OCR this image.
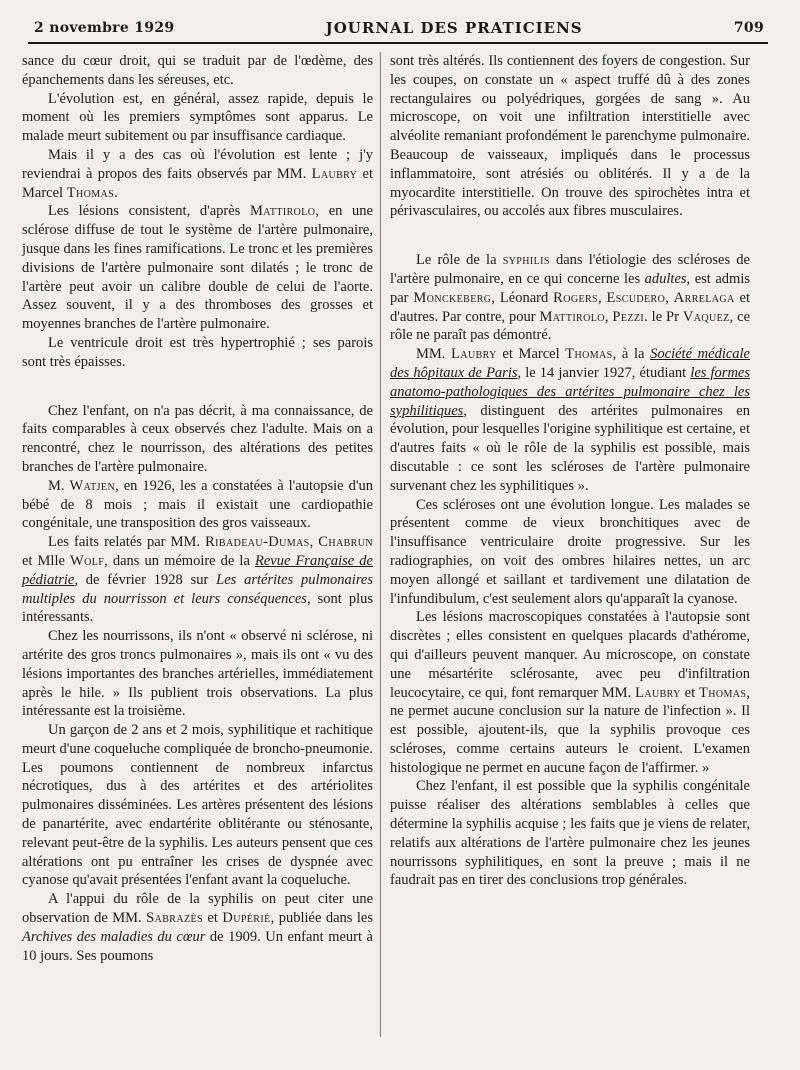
2 novembre 1929	JOURNAL DES PRATICIENS	709

sance du cœur droit, qui se traduit par de l'œdème, des épanchements dans les séreuses, etc.

L'évolution est, en général, assez rapide, depuis le moment où les premiers symptômes sont apparus. Le malade meurt subitement ou par insuffisance cardiaque.

Mais il y a des cas où l'évolution est lente ; j'y reviendrai à propos des faits observés par MM. Laubry et Marcel Thomas.

Les lésions consistent, d'après Mattirolo, en une sclérose diffuse de tout le système de l'artère pulmonaire, jusque dans les fines ramifications. Le tronc et les premières divisions de l'artère pulmonaire sont dilatés ; le tronc de l'artère peut avoir un calibre double de celui de l'aorte. Assez souvent, il y a des thromboses des grosses et moyennes branches de l'artère pulmonaire.

Le ventricule droit est très hypertrophié ; ses parois sont très épaisses.

Chez l'enfant, on n'a pas décrit, à ma connaissance, de faits comparables à ceux observés chez l'adulte. Mais on a rencontré, chez le nourrisson, des altérations des petites branches de l'artère pulmonaire.

M. Watjen, en 1926, les a constatées à l'autopsie d'un bébé de 8 mois ; mais il existait une cardiopathie congénitale, une transposition des gros vaisseaux.

Les faits relatés par MM. Ribadeau-Dumas, Chabrun et Mlle Wolf, dans un mémoire de la Revue Française de pédiatrie, de février 1928 sur Les artérites pulmonaires multiples du nourrisson et leurs conséquences, sont plus intéressants.

Chez les nourrissons, ils n'ont « observé ni sclérose, ni artérite des gros troncs pulmonaires », mais ils ont « vu des lésions importantes des branches artérielles, immédiatement après le hile. » Ils publient trois observations. La plus intéressante est la troisième.

Un garçon de 2 ans et 2 mois, syphilitique et rachitique meurt d'une coqueluche compliquée de broncho-pneumonie. Les poumons contiennent de nombreux infarctus nécrotiques, dus à des artérites et des artériolites pulmonaires disséminées. Les artères présentent des lésions de panartérite, avec endartérite oblitérante ou sténosante, relevant peut-être de la syphilis. Les auteurs pensent que ces altérations ont pu entraîner les crises de dyspnée avec cyanose qu'avait présentées l'enfant avant la coqueluche.

A l'appui du rôle de la syphilis on peut citer une observation de MM. Sabrazès et Dupérié, publiée dans les Archives des maladies du cœur de 1909. Un enfant meurt à 10 jours. Ses poumons

sont très altérés. Ils contiennent des foyers de congestion. Sur les coupes, on constate un « aspect truffé dû à des zones rectangulaires ou polyédriques, gorgées de sang ». Au microscope, on voit une infiltration interstitielle avec alvéolite remaniant profondément le parenchyme pulmonaire. Beaucoup de vaisseaux, impliqués dans le processus inflammatoire, sont atrésiés ou oblitérés. Il y a de la myocardite interstitielle. On trouve des spirochètes intra et périvasculaires, ou accolés aux fibres musculaires.

Le rôle de la syphilis dans l'étiologie des scléroses de l'artère pulmonaire, en ce qui concerne les adultes, est admis par Monckeberg, Léonard Rogers, Escudero, Arrelaga et d'autres. Par contre, pour Mattirolo, Pezzi. le Pr Vaquez, ce rôle ne paraît pas démontré.

MM. Laubry et Marcel Thomas, à la Société médicale des hôpitaux de Paris, le 14 janvier 1927, étudiant les formes anatomo-pathologiques des artérites pulmonaire chez les syphilitiques, distinguent des artérites pulmonaires en évolution, pour lesquelles l'origine syphilitique est certaine, et d'autres faits « où le rôle de la syphilis est possible, mais discutable : ce sont les scléroses de l'artère pulmonaire survenant chez les syphilitiques ».

Ces scléroses ont une évolution longue. Les malades se présentent comme de vieux bronchitiques avec de l'insuffisance ventriculaire droite progressive. Sur les radiographies, on voit des ombres hilaires nettes, un arc moyen allongé et saillant et tardivement une dilatation de l'infundibulum, c'est seulement alors qu'apparaît la cyanose.

Les lésions macroscopiques constatées à l'autopsie sont discrètes ; elles consistent en quelques placards d'athérome, qui d'ailleurs peuvent manquer. Au microscope, on constate une mésartérite sclérosante, avec peu d'infiltration leucocytaire, ce qui, font remarquer MM. Laubry et Thomas, ne permet aucune conclusion sur la nature de l'infection ». Il est possible, ajoutent-ils, que la syphilis provoque ces scléroses, comme certains auteurs le croient. L'examen histologique ne permet en aucune façon de l'affirmer. »

Chez l'enfant, il est possible que la syphilis congénitale puisse réaliser des altérations semblables à celles que détermine la syphilis acquise ; les faits que je viens de relater, relatifs aux altérations de l'artère pulmonaire chez les jeunes nourrissons syphilitiques, en sont la preuve ; mais il ne faudrait pas en tirer des conclusions trop générales.
